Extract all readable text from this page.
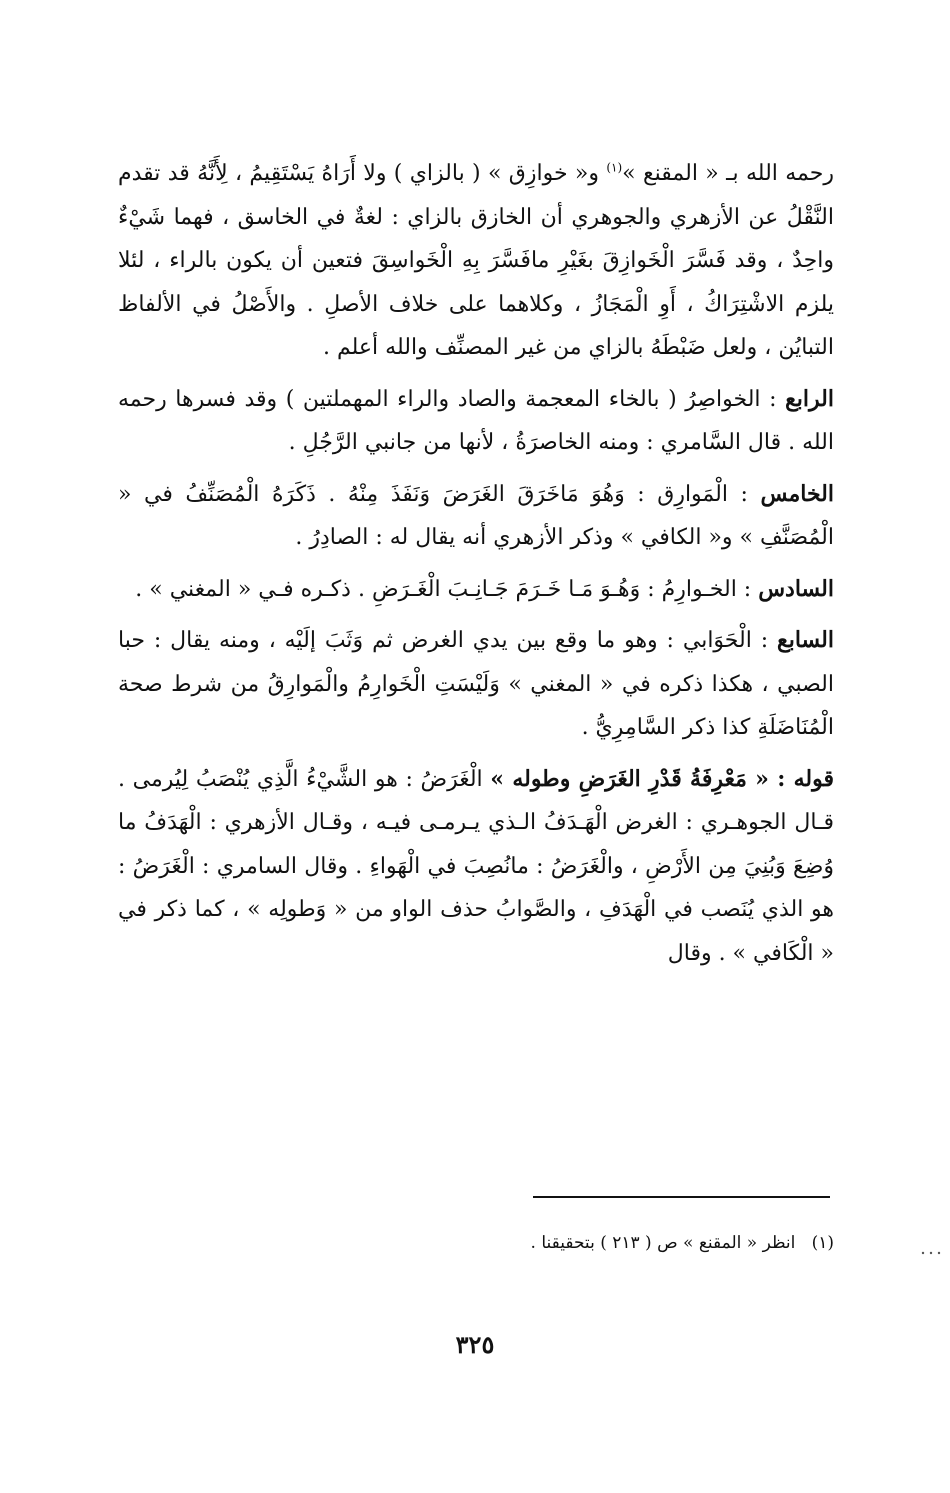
رحمه الله بـ « المقنع »$^{(١)}$ و« خوازِق » ( بالزاي ) ولا أَرَاهُ يَسْتَقِيمُ ، لِأَنَّهُ قد تقدم النَّقْلُ عن الأزهري والجوهري أن الخازق بالزاي : لغةٌ في الخاسق ، فهما شَيْءٌ واحِدٌ ، وقد فَسَّرَ الْخَوازِقَ بغَيْرِ مافَسَّرَ بِهِ الْخَواسِقَ فتعين أن يكون بالراء ، لئلا يلزم الاشْتِرَاكُ ، أَوِ الْمَجَازُ ، وكلاهما على خلاف الأصلِ . والأَصْلُ في الألفاظ التبايُن ، ولعل ضَبْطَهُ بالزاي من غير المصنِّف والله أعلم .

الرابع : الخواصِرُ ( بالخاء المعجمة والصاد والراء المهملتين ) وقد فسرها رحمه الله . قال السَّامري : ومنه الخاصرَةُ ، لأنها من جانبي الرَّجُلِ .

الخامس : الْمَوارِق : وَهُوَ مَاخَرَقَ الغَرَضَ وَنَفَذَ مِنْهُ . ذَكَرَهُ الْمُصَنِّفُ في « الْمُصَنَّفِ » و« الكافي » وذكر الأزهري أنه يقال له : الصادِرُ .

السادس : الخـوارِمُ : وَهُـوَ مَـا خَـرَمَ جَـانِـبَ الْغَـرَضِ . ذكـره فـي « المغني » .

السابع : الْحَوَابي : وهو ما وقع بين يدي الغرض ثم وَثَبَ إلَيْه ، ومنه يقال : حبا الصبي ، هكذا ذكره في « المغني » وَلَيْسَتِ الْخَوارِمُ والْمَوارِقُ من شرط صحة الْمُنَاضَلَةِ كذا ذكر السَّامِرِيُّ .

قوله : « مَعْرِفَةُ قَدْرِ الغَرَضِ وطوله » الْغَرَضُ : هو الشَّيْءُ الَّذِي يُنْصَبُ لِيُرمى . قـال الجوهـري : الغرض الْهَـدَفُ الـذي يـرمـى فيـه ، وقـال الأزهري : الْهَدَفُ ما وُضِعَ وَبُنِيَ مِن الأَرْضِ ، والْغَرَضُ : مانُصِبَ في الْهَواءِ . وقال السامري : الْغَرَضُ : هو الذي يُنَصب في الْهَدَفِ ، والصَّوابُ حذف الواو من « وَطولِه » ، كما ذكر في « الْكَافي » . وقال

(١)   انظر « المقنع » ص ( ٢١٣ ) بتحقيقنا .
٣٢٥
